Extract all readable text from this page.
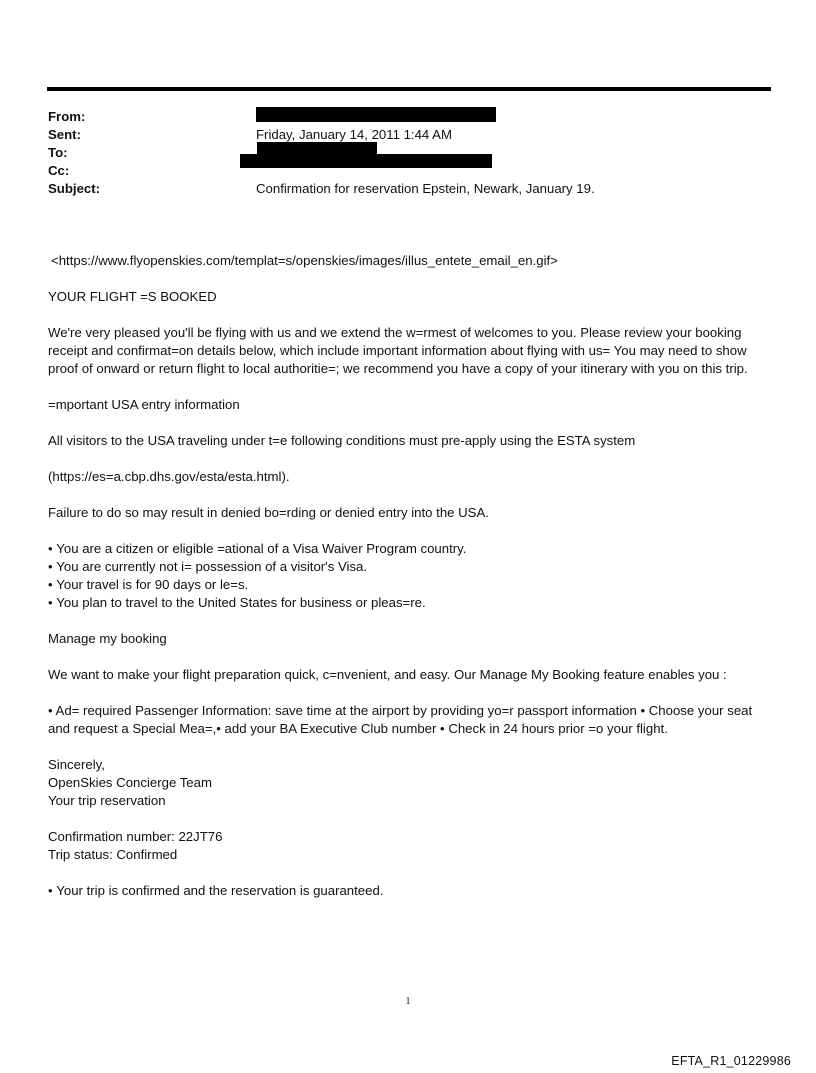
From:
Sent:	Friday, January 14, 2011 1:44 AM
To:
Cc:
Subject:	Confirmation for reservation Epstein, Newark, January 19.

<https://www.flyopenskies.com/templat=s/openskies/images/illus_entete_email_en.gif>

YOUR FLIGHT =S BOOKED

We're very pleased you'll be flying with us and we extend the w=rmest of welcomes to you. Please review your booking receipt and confirmat=on details below, which include important information about flying with us= You may need to show proof of onward or return flight to local authoritie=; we recommend you have a copy of your itinerary with you on this trip.

=mportant USA entry information

All visitors to the USA traveling under t=e following conditions must pre-apply using the ESTA system

(https://es=a.cbp.dhs.gov/esta/esta.html).

Failure to do so may result in denied bo=rding or denied entry into the USA.

• You are a citizen or eligible =ational of a Visa Waiver Program country.
• You are currently not i= possession of a visitor's Visa.
• Your travel is for 90 days or le=s.
• You plan to travel to the United States for business or pleas=re.

Manage my booking

We want to make your flight preparation quick, c=nvenient, and easy. Our Manage My Booking feature enables you :

• Ad= required Passenger Information: save time at the airport by providing yo=r passport information • Choose your seat and request a Special Mea=,• add your BA Executive Club number • Check in 24 hours prior =o your flight.

Sincerely,
OpenSkies Concierge Team
Your trip reservation

Confirmation number: 22JT76
Trip status: Confirmed

• Your trip is confirmed and the reservation is guaranteed.
1
EFTA_R1_01229986
